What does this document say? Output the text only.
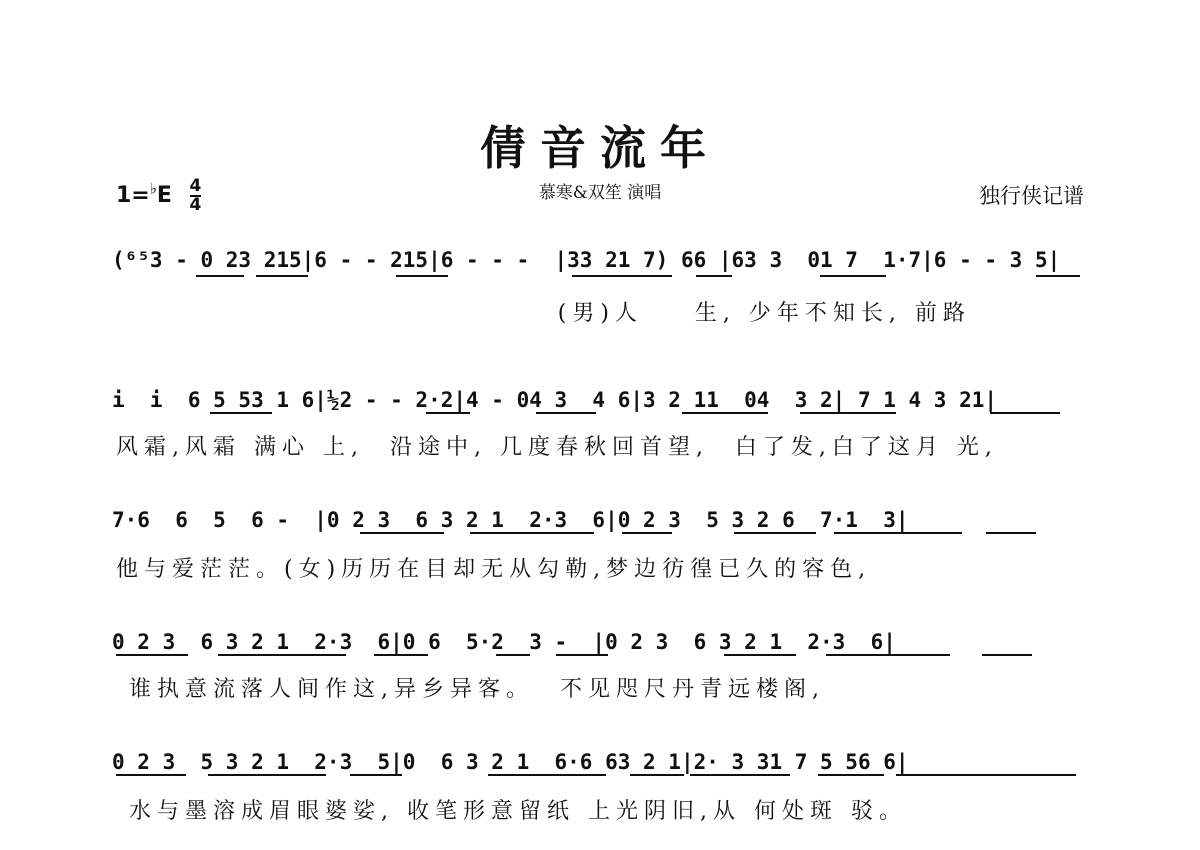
倩音流年
$1=^♭E \frac{4}{4}$	慕寒&双笙 演唱	独行侠记谱
(⁶⁵3 - 0 23 215|6 - - 215|6 - - -  |33 21 7) 66 |63 3  01 7  1·7|6 - - 3 5|
(男)人    生, 少年不知长, 前路
i  i  6 5 53 1 6|½2 - - 2·2|4 - 04 3  4 6|3 2 11  04  3 2| 7 1 4 3 21|
风霜,风霜 满心 上,  沿途中, 几度春秋回首望,  白了发,白了这月 光,
7·6  6  5  6 -  |0 2 3  6 3 2 1  2·3  6|0 2 3  5 3 2 6  7·1  3|
他与爱茫茫。(女)历历在目却无从勾勒,梦边彷徨已久的容色,
0 2 3  6 3 2 1  2·3  6|0 6  5·2  3 -  |0 2 3  6 3 2 1  2·3  6|
谁执意流落人间作这,异乡异客。  不见咫尺丹青远楼阁,
0 2 3  5 3 2 1  2·3  5|0  6 3 2 1  6·6 63 2 1|2· 3 31 7 5 56 6|
水与墨溶成眉眼婆娑, 收笔形意留纸 上光阴旧,从 何处斑 驳。
